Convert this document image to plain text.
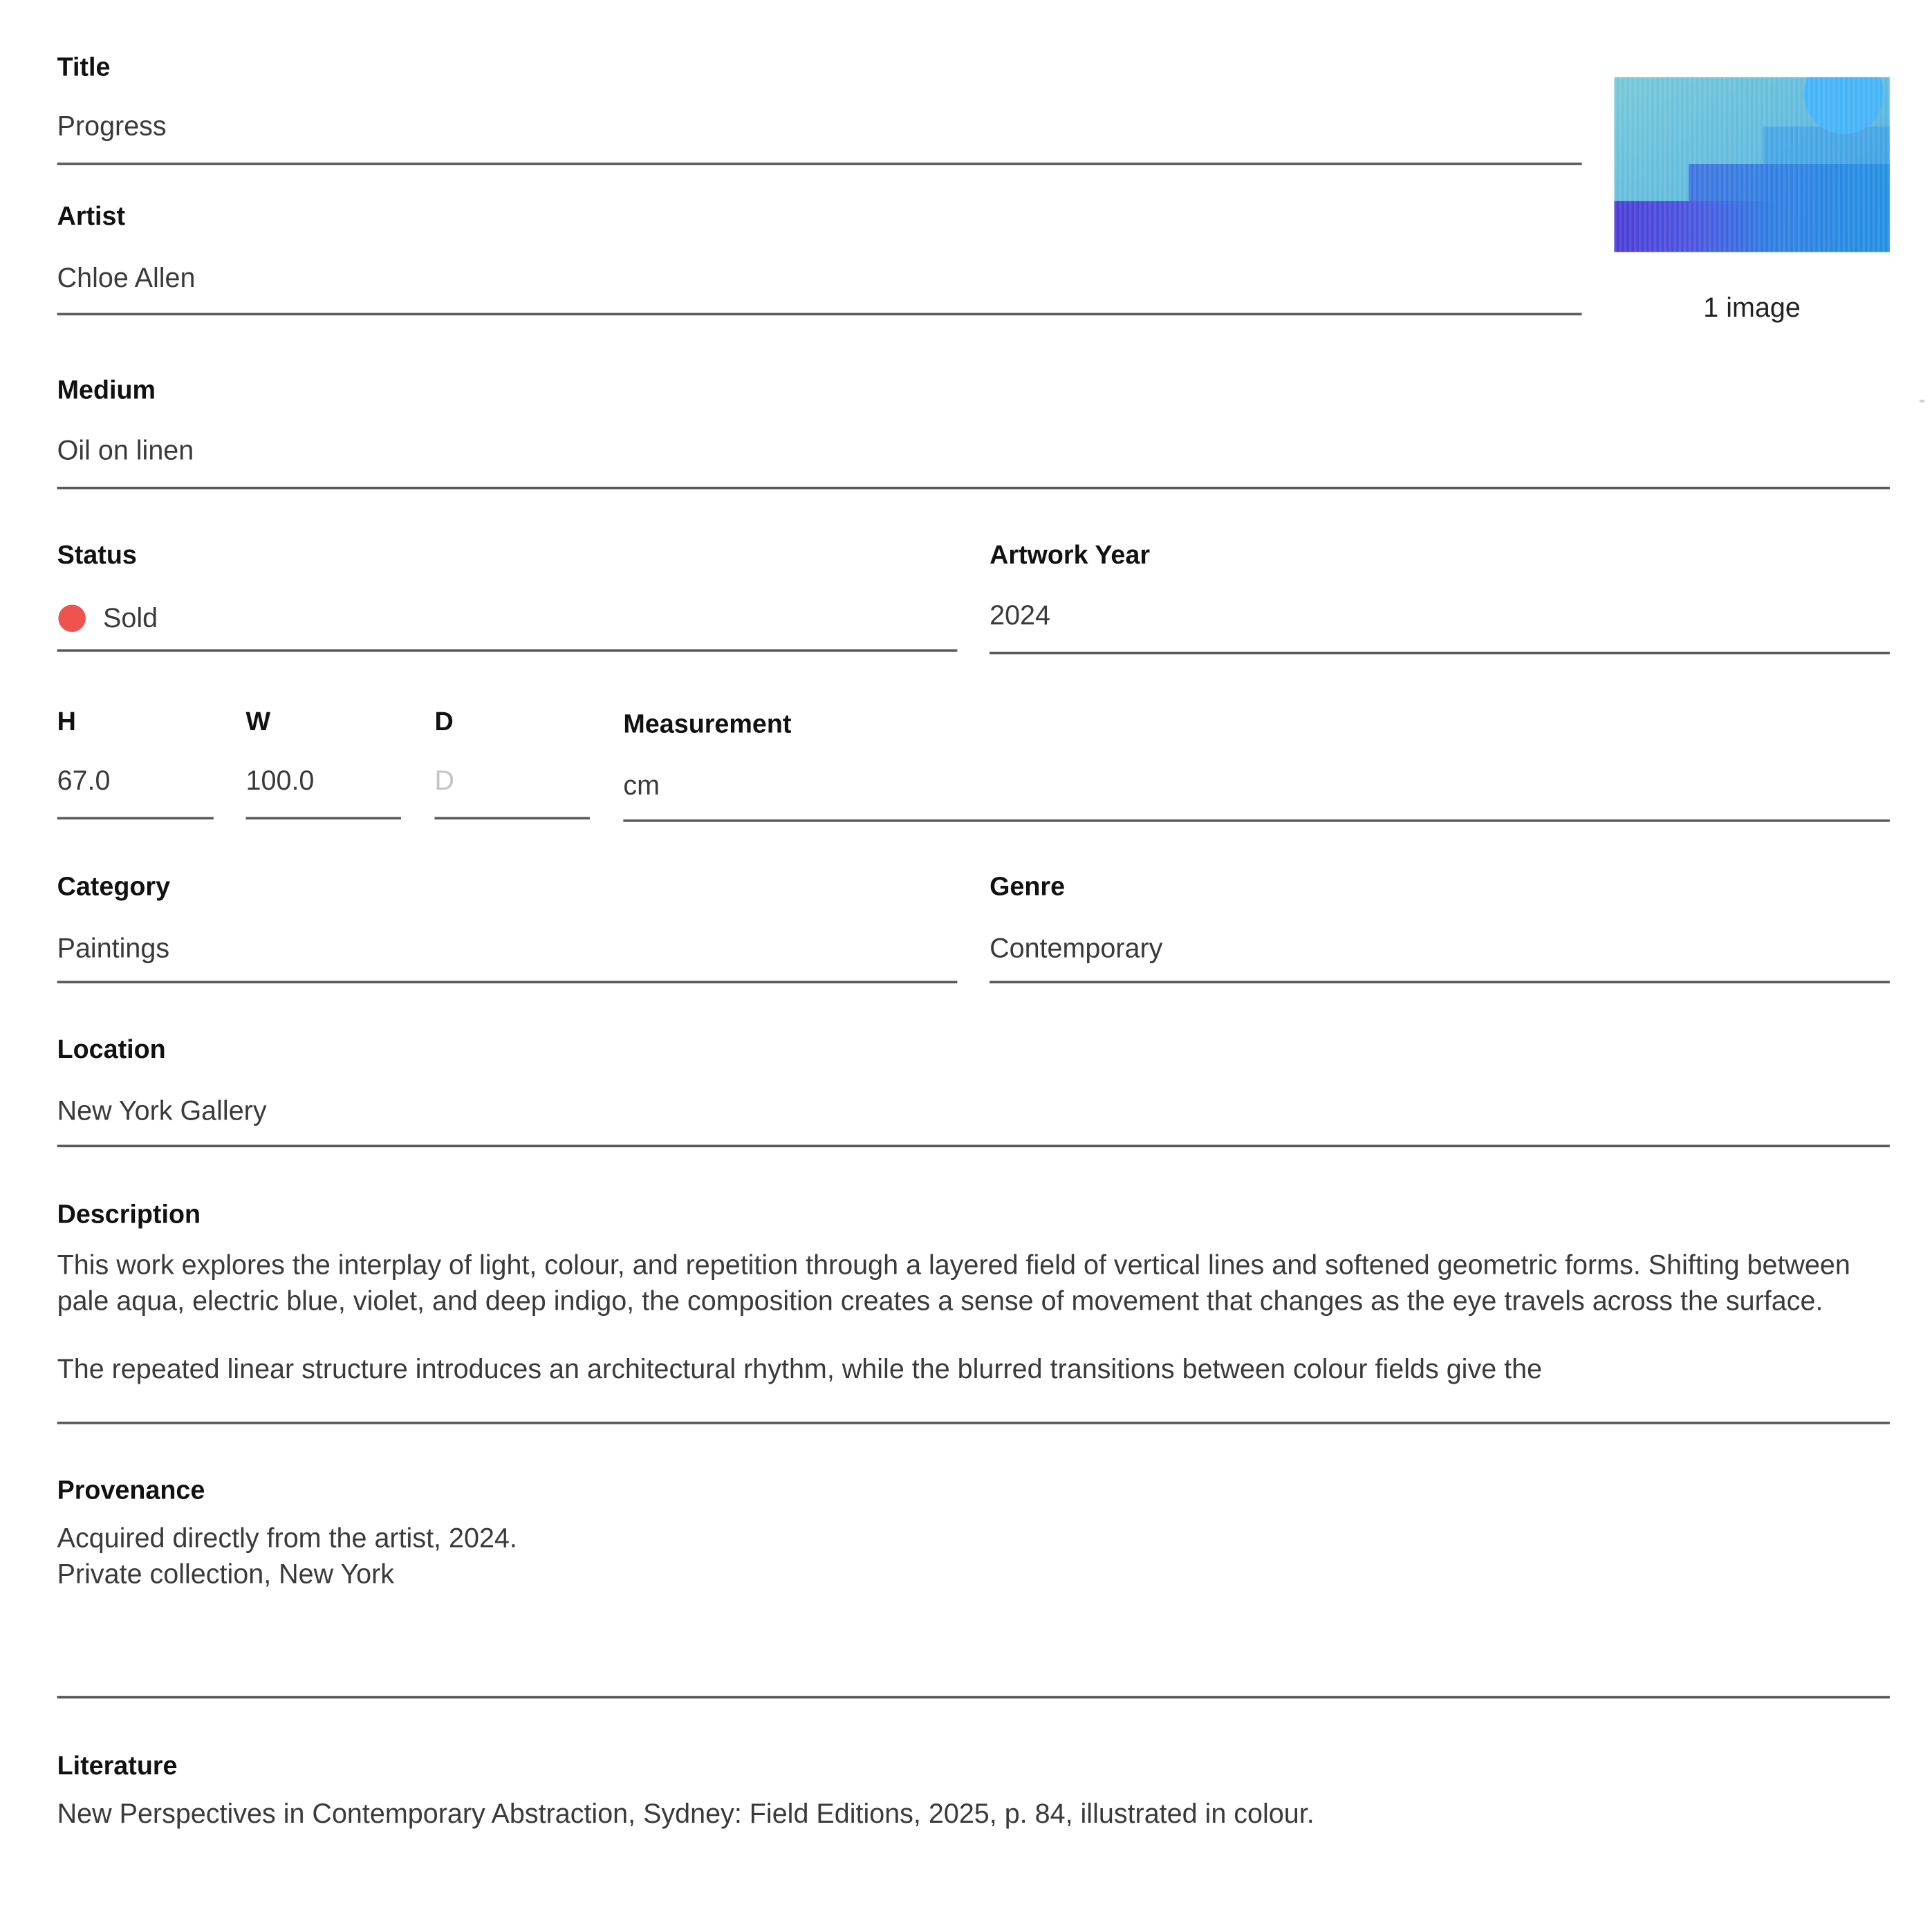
Title
Progress
Artist
Chloe Allen
1 image
Medium
Oil on linen
Status
Sold
Artwork Year
2024
H
67.0
W
100.0
D
D
Measurement
cm
Category
Paintings
Genre
Contemporary
Location
New York Gallery
Description

This work explores the interplay of light, colour, and repetition through a layered field of vertical lines and softened geometric forms. Shifting between pale aqua, electric blue, violet, and deep indigo, the composition creates a sense of movement that changes as the eye travels across the surface.

The repeated linear structure introduces an architectural rhythm, while the blurred transitions between colour fields give the

Provenance
Acquired directly from the artist, 2024.
Private collection, New York
Literature
New Perspectives in Contemporary Abstraction, Sydney: Field Editions, 2025, p. 84, illustrated in colour.
